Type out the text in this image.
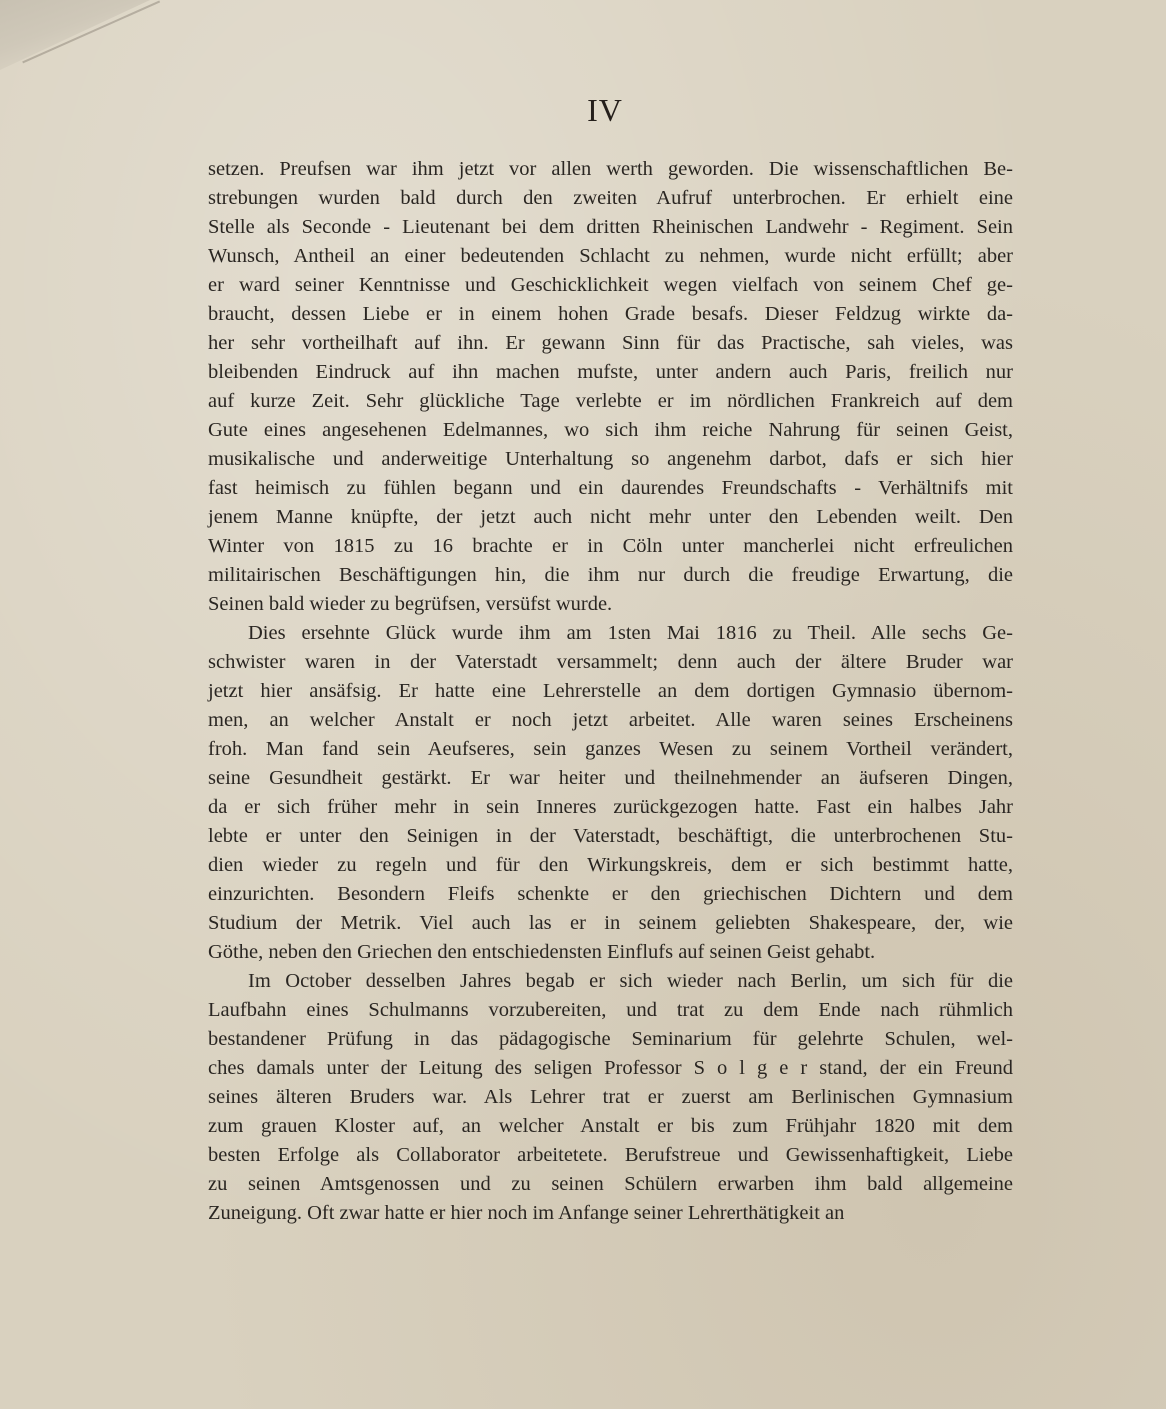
IV
setzen. Preufsen war ihm jetzt vor allen werth geworden. Die wissenschaftlichen Be-
strebungen wurden bald durch den zweiten Aufruf unterbrochen. Er erhielt eine
Stelle als Seconde - Lieutenant bei dem dritten Rheinischen Landwehr - Regiment. Sein
Wunsch, Antheil an einer bedeutenden Schlacht zu nehmen, wurde nicht erfüllt; aber
er ward seiner Kenntnisse und Geschicklichkeit wegen vielfach von seinem Chef ge-
braucht, dessen Liebe er in einem hohen Grade besafs. Dieser Feldzug wirkte da-
her sehr vortheilhaft auf ihn. Er gewann Sinn für das Practische, sah vieles, was
bleibenden Eindruck auf ihn machen mufste, unter andern auch Paris, freilich nur
auf kurze Zeit. Sehr glückliche Tage verlebte er im nördlichen Frankreich auf dem
Gute eines angesehenen Edelmannes, wo sich ihm reiche Nahrung für seinen Geist,
musikalische und anderweitige Unterhaltung so angenehm darbot, dafs er sich hier
fast heimisch zu fühlen begann und ein daurendes Freundschafts - Verhältnifs mit
jenem Manne knüpfte, der jetzt auch nicht mehr unter den Lebenden weilt. Den
Winter von 1815 zu 16 brachte er in Cöln unter mancherlei nicht erfreulichen
militairischen Beschäftigungen hin, die ihm nur durch die freudige Erwartung, die
Seinen bald wieder zu begrüfsen, versüfst wurde.
Dies ersehnte Glück wurde ihm am 1sten Mai 1816 zu Theil. Alle sechs Ge-
schwister waren in der Vaterstadt versammelt; denn auch der ältere Bruder war
jetzt hier ansäfsig. Er hatte eine Lehrerstelle an dem dortigen Gymnasio übernom-
men, an welcher Anstalt er noch jetzt arbeitet. Alle waren seines Erscheinens
froh. Man fand sein Aeufseres, sein ganzes Wesen zu seinem Vortheil verändert,
seine Gesundheit gestärkt. Er war heiter und theilnehmender an äufseren Dingen,
da er sich früher mehr in sein Inneres zurückgezogen hatte. Fast ein halbes Jahr
lebte er unter den Seinigen in der Vaterstadt, beschäftigt, die unterbrochenen Stu-
dien wieder zu regeln und für den Wirkungskreis, dem er sich bestimmt hatte,
einzurichten. Besondern Fleifs schenkte er den griechischen Dichtern und dem
Studium der Metrik. Viel auch las er in seinem geliebten Shakespeare, der, wie
Göthe, neben den Griechen den entschiedensten Einflufs auf seinen Geist gehabt.
Im October desselben Jahres begab er sich wieder nach Berlin, um sich für die
Laufbahn eines Schulmanns vorzubereiten, und trat zu dem Ende nach rühmlich
bestandener Prüfung in das pädagogische Seminarium für gelehrte Schulen, wel-
ches damals unter der Leitung des seligen Professor S o l g e r stand, der ein Freund
seines älteren Bruders war. Als Lehrer trat er zuerst am Berlinischen Gymnasium
zum grauen Kloster auf, an welcher Anstalt er bis zum Frühjahr 1820 mit dem
besten Erfolge als Collaborator arbeitetete. Berufstreue und Gewissenhaftigkeit, Liebe
zu seinen Amtsgenossen und zu seinen Schülern erwarben ihm bald allgemeine
Zuneigung. Oft zwar hatte er hier noch im Anfange seiner Lehrerthätigkeit an
